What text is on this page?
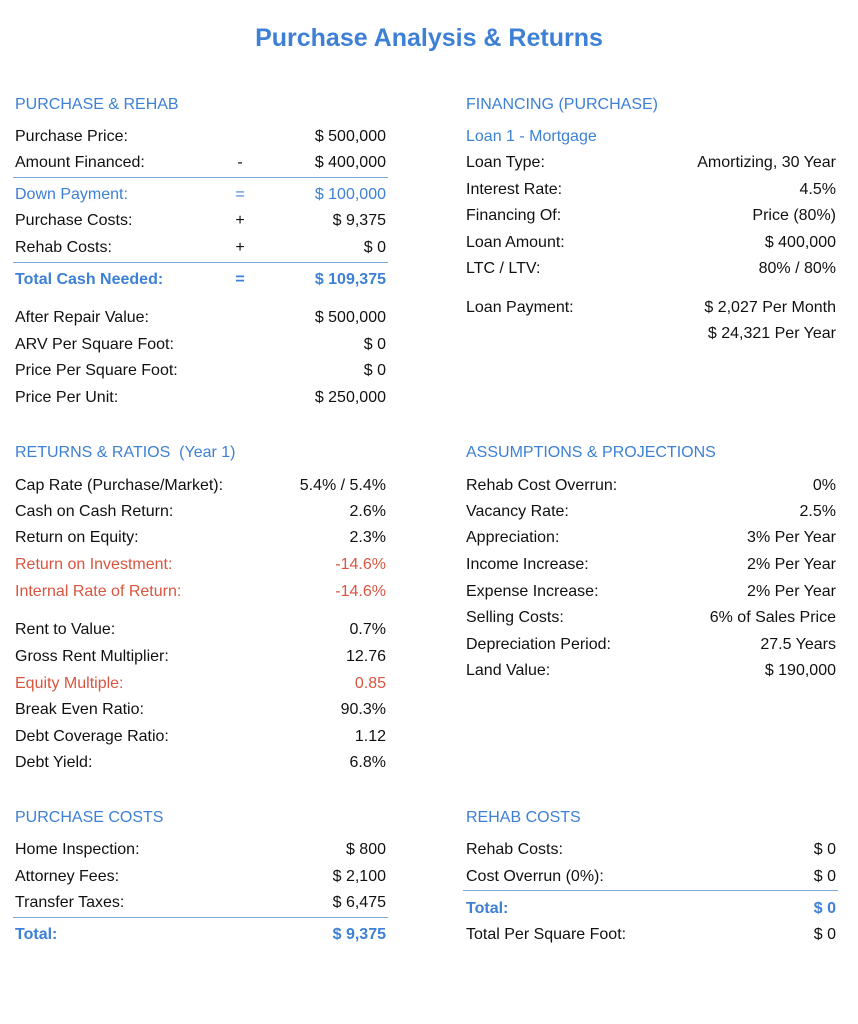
Purchase Analysis & Returns
PURCHASE & REHAB
Purchase Price:	$ 500,000
Amount Financed:	-	$ 400,000
Down Payment:	=	$ 100,000
Purchase Costs:	+	$ 9,375
Rehab Costs:	+	$ 0
Total Cash Needed:	=	$ 109,375
After Repair Value:	$ 500,000
ARV Per Square Foot:	$ 0
Price Per Square Foot:	$ 0
Price Per Unit:	$ 250,000
FINANCING (PURCHASE)
Loan 1 - Mortgage
Loan Type:	Amortizing, 30 Year
Interest Rate:	4.5%
Financing Of:	Price (80%)
Loan Amount:	$ 400,000
LTC / LTV:	80% / 80%
Loan Payment:	$ 2,027 Per Month
$ 24,321 Per Year
RETURNS & RATIOS  (Year 1)
Cap Rate (Purchase/Market):	5.4% / 5.4%
Cash on Cash Return:	2.6%
Return on Equity:	2.3%
Return on Investment:	-14.6%
Internal Rate of Return:	-14.6%
Rent to Value:	0.7%
Gross Rent Multiplier:	12.76
Equity Multiple:	0.85
Break Even Ratio:	90.3%
Debt Coverage Ratio:	1.12
Debt Yield:	6.8%
ASSUMPTIONS & PROJECTIONS
Rehab Cost Overrun:	0%
Vacancy Rate:	2.5%
Appreciation:	3% Per Year
Income Increase:	2% Per Year
Expense Increase:	2% Per Year
Selling Costs:	6% of Sales Price
Depreciation Period:	27.5 Years
Land Value:	$ 190,000
PURCHASE COSTS
Home Inspection:	$ 800
Attorney Fees:	$ 2,100
Transfer Taxes:	$ 6,475
Total:	$ 9,375
REHAB COSTS
Rehab Costs:	$ 0
Cost Overrun (0%):	$ 0
Total:	$ 0
Total Per Square Foot:	$ 0
